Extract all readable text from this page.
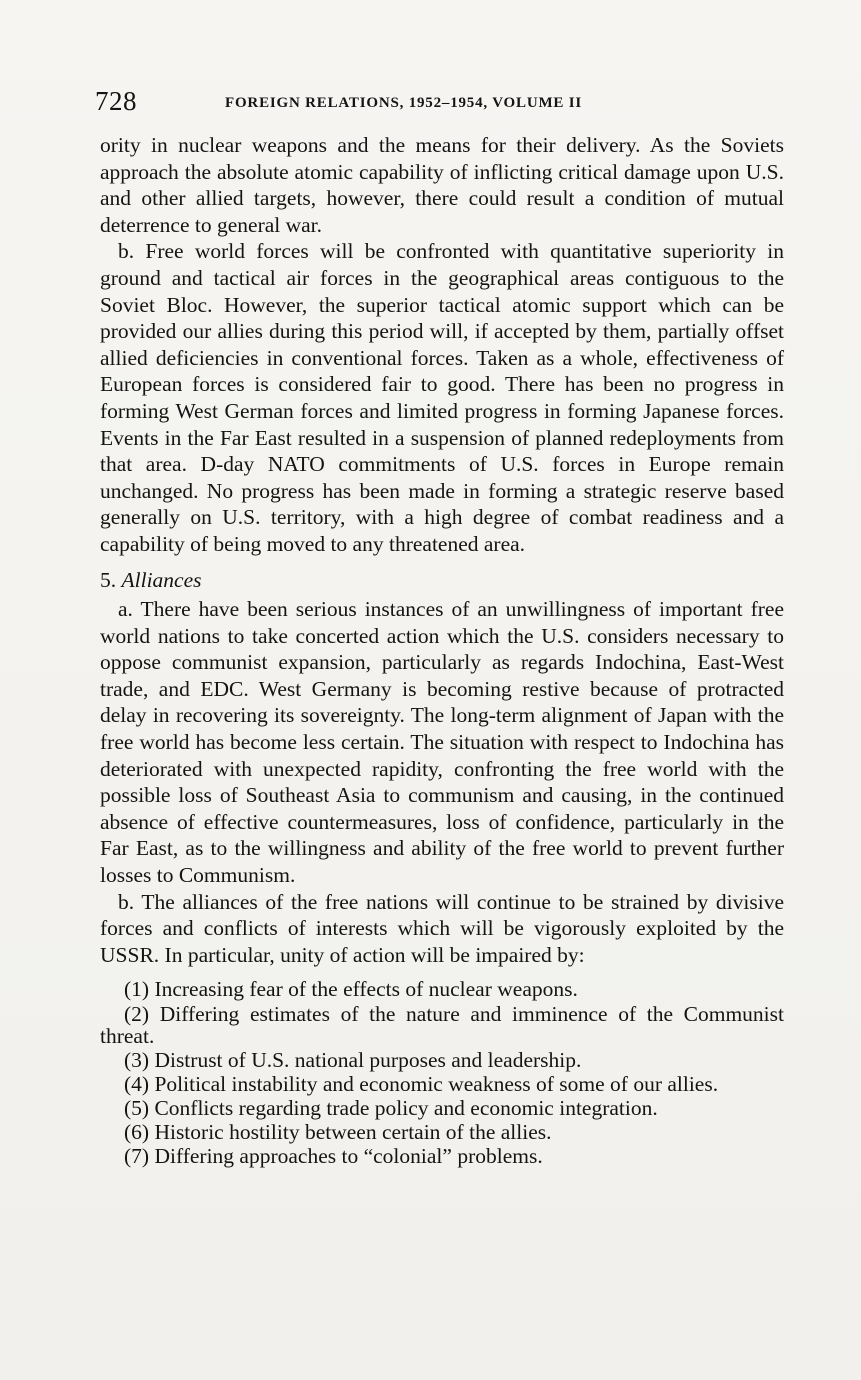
728	FOREIGN RELATIONS, 1952–1954, VOLUME II

ority in nuclear weapons and the means for their delivery. As the Soviets approach the absolute atomic capability of inflicting critical damage upon U.S. and other allied targets, however, there could result a condition of mutual deterrence to general war.

b. Free world forces will be confronted with quantitative superiority in ground and tactical air forces in the geographical areas contiguous to the Soviet Bloc. However, the superior tactical atomic support which can be provided our allies during this period will, if accepted by them, partially offset allied deficiencies in conventional forces. Taken as a whole, effectiveness of European forces is considered fair to good. There has been no progress in forming West German forces and limited progress in forming Japanese forces. Events in the Far East resulted in a suspension of planned redeployments from that area. D-day NATO commitments of U.S. forces in Europe remain unchanged. No progress has been made in forming a strategic reserve based generally on U.S. territory, with a high degree of combat readiness and a capability of being moved to any threatened area.

5. Alliances

a. There have been serious instances of an unwillingness of important free world nations to take concerted action which the U.S. considers necessary to oppose communist expansion, particularly as regards Indochina, East-West trade, and EDC. West Germany is becoming restive because of protracted delay in recovering its sovereignty. The long-term alignment of Japan with the free world has become less certain. The situation with respect to Indochina has deteriorated with unexpected rapidity, confronting the free world with the possible loss of Southeast Asia to communism and causing, in the continued absence of effective countermeasures, loss of confidence, particularly in the Far East, as to the willingness and ability of the free world to prevent further losses to Communism.

b. The alliances of the free nations will continue to be strained by divisive forces and conflicts of interests which will be vigorously exploited by the USSR. In particular, unity of action will be impaired by:

(1) Increasing fear of the effects of nuclear weapons.
(2) Differing estimates of the nature and imminence of the Communist threat.
(3) Distrust of U.S. national purposes and leadership.
(4) Political instability and economic weakness of some of our allies.
(5) Conflicts regarding trade policy and economic integration.
(6) Historic hostility between certain of the allies.
(7) Differing approaches to “colonial” problems.
